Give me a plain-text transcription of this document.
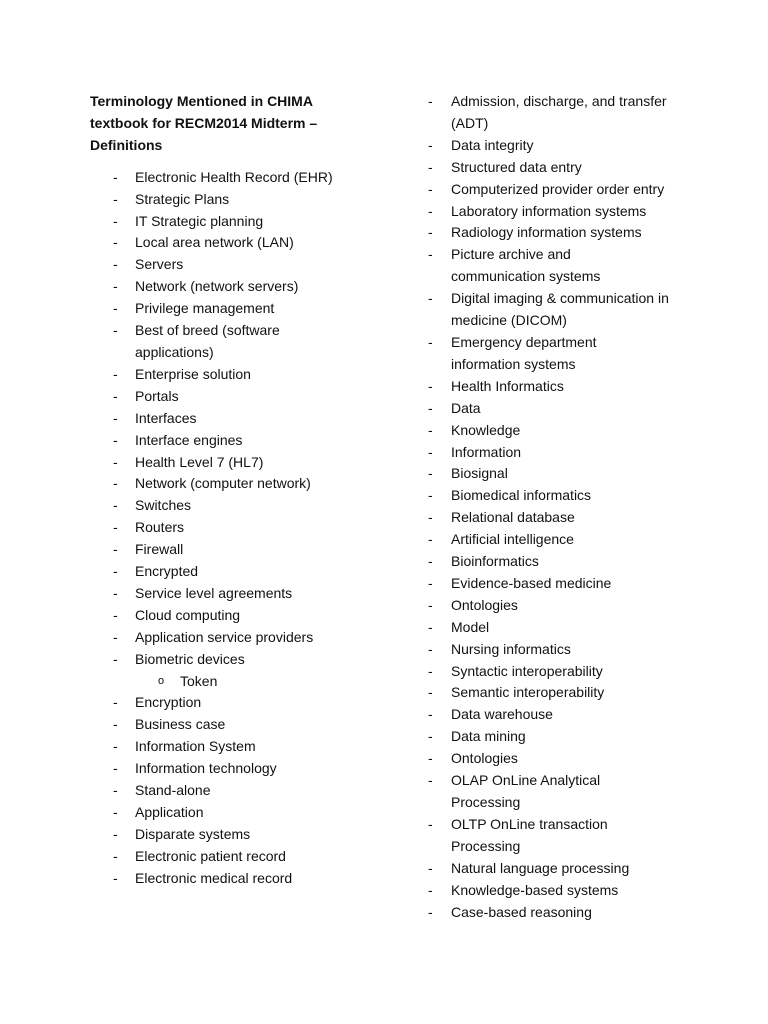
Terminology Mentioned in CHIMA textbook for RECM2014 Midterm – Definitions
- Electronic Health Record (EHR)
- Strategic Plans
- IT Strategic planning
- Local area network (LAN)
- Servers
- Network (network servers)
- Privilege management
- Best of breed (software applications)
- Enterprise solution
- Portals
- Interfaces
- Interface engines
- Health Level 7 (HL7)
- Network (computer network)
- Switches
- Routers
- Firewall
- Encrypted
- Service level agreements
- Cloud computing
- Application service providers
- Biometric devices
o Token
- Encryption
- Business case
- Information System
- Information technology
- Stand-alone
- Application
- Disparate systems
- Electronic patient record
- Electronic medical record
- Admission, discharge, and transfer (ADT)
- Data integrity
- Structured data entry
- Computerized provider order entry
- Laboratory information systems
- Radiology information systems
- Picture archive and communication systems
- Digital imaging & communication in medicine (DICOM)
- Emergency department information systems
- Health Informatics
- Data
- Knowledge
- Information
- Biosignal
- Biomedical informatics
- Relational database
- Artificial intelligence
- Bioinformatics
- Evidence-based medicine
- Ontologies
- Model
- Nursing informatics
- Syntactic interoperability
- Semantic interoperability
- Data warehouse
- Data mining
- Ontologies
- OLAP OnLine Analytical Processing
- OLTP OnLine transaction Processing
- Natural language processing
- Knowledge-based systems
- Case-based reasoning
